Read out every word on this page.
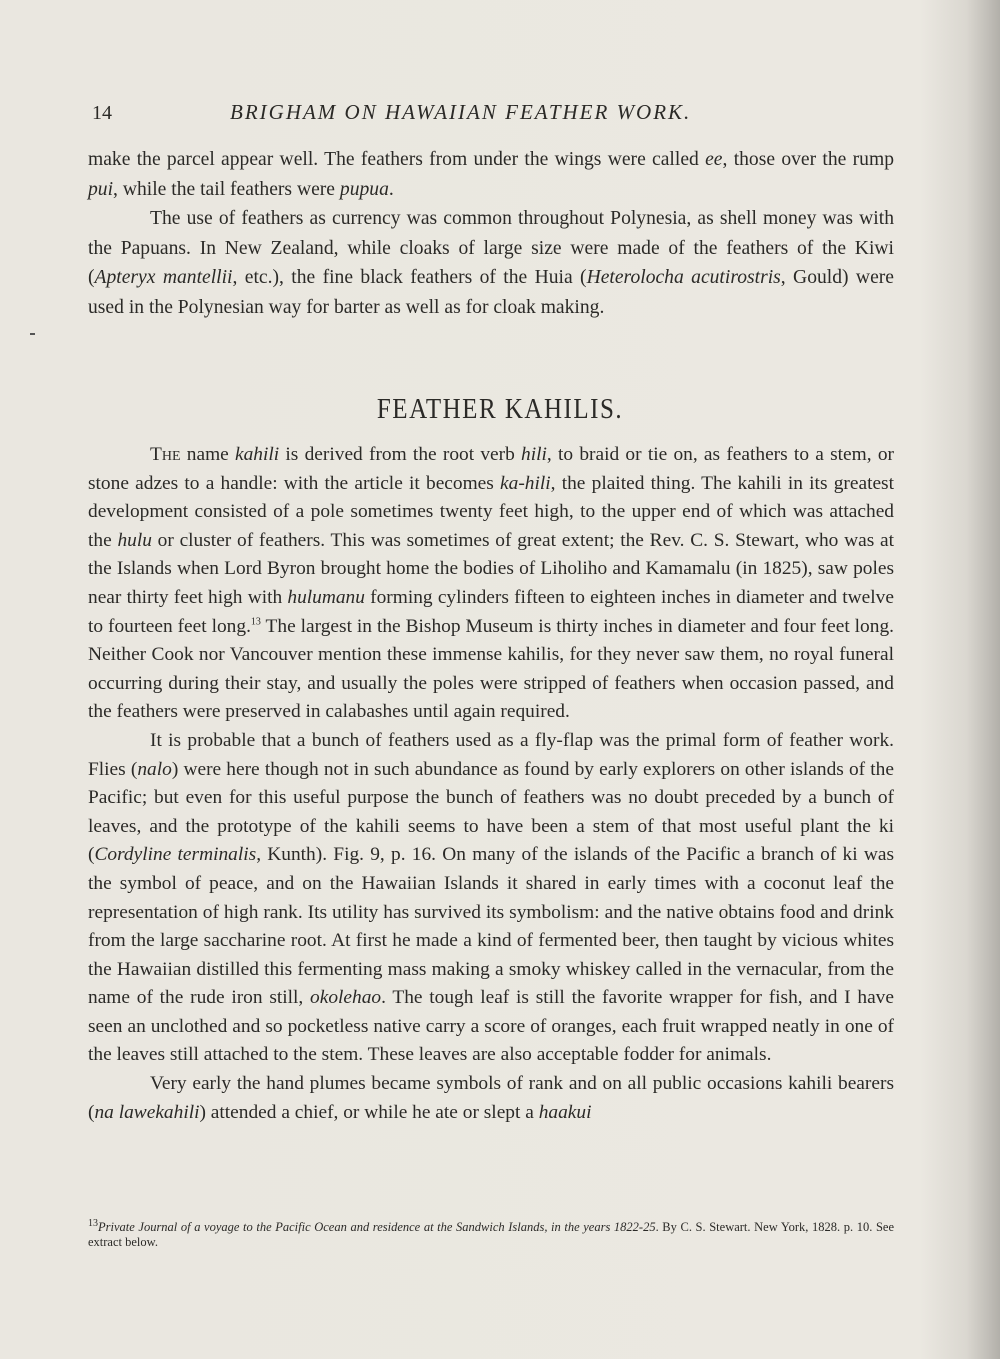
14	BRIGHAM ON HAWAIIAN FEATHER WORK.

make the parcel appear well. The feathers from under the wings were called ee, those over the rump pui, while the tail feathers were pupua.

The use of feathers as currency was common throughout Polynesia, as shell money was with the Papuans. In New Zealand, while cloaks of large size were made of the feathers of the Kiwi (Apteryx mantellii, etc.), the fine black feathers of the Huia (Heterolocha acutirostris, Gould) were used in the Polynesian way for barter as well as for cloak making.

FEATHER KAHILIS.

The name kahili is derived from the root verb hili, to braid or tie on, as feathers to a stem, or stone adzes to a handle: with the article it becomes ka-hili, the plaited thing. The kahili in its greatest development consisted of a pole sometimes twenty feet high, to the upper end of which was attached the hulu or cluster of feathers. This was sometimes of great extent; the Rev. C. S. Stewart, who was at the Islands when Lord Byron brought home the bodies of Liholiho and Kamamalu (in 1825), saw poles near thirty feet high with hulumanu forming cylinders fifteen to eighteen inches in diameter and twelve to fourteen feet long.$^{13}$ The largest in the Bishop Museum is thirty inches in diameter and four feet long. Neither Cook nor Vancouver mention these immense kahilis, for they never saw them, no royal funeral occurring during their stay, and usually the poles were stripped of feathers when occasion passed, and the feathers were preserved in calabashes until again required.

It is probable that a bunch of feathers used as a fly-flap was the primal form of feather work. Flies (nalo) were here though not in such abundance as found by early explorers on other islands of the Pacific; but even for this useful purpose the bunch of feathers was no doubt preceded by a bunch of leaves, and the prototype of the kahili seems to have been a stem of that most useful plant the ki (Cordyline terminalis, Kunth). Fig. 9, p. 16. On many of the islands of the Pacific a branch of ki was the symbol of peace, and on the Hawaiian Islands it shared in early times with a coconut leaf the representation of high rank. Its utility has survived its symbolism: and the native obtains food and drink from the large saccharine root. At first he made a kind of fermented beer, then taught by vicious whites the Hawaiian distilled this fermenting mass making a smoky whiskey called in the vernacular, from the name of the rude iron still, okolehao. The tough leaf is still the favorite wrapper for fish, and I have seen an unclothed and so pocketless native carry a score of oranges, each fruit wrapped neatly in one of the leaves still attached to the stem. These leaves are also acceptable fodder for animals.

Very early the hand plumes became symbols of rank and on all public occasions kahili bearers (na lawekahili) attended a chief, or while he ate or slept a haakui

$^{13}$Private Journal of a voyage to the Pacific Ocean and residence at the Sandwich Islands, in the years 1822-25. By C. S. Stewart. New York, 1828. p. 10. See extract below.
